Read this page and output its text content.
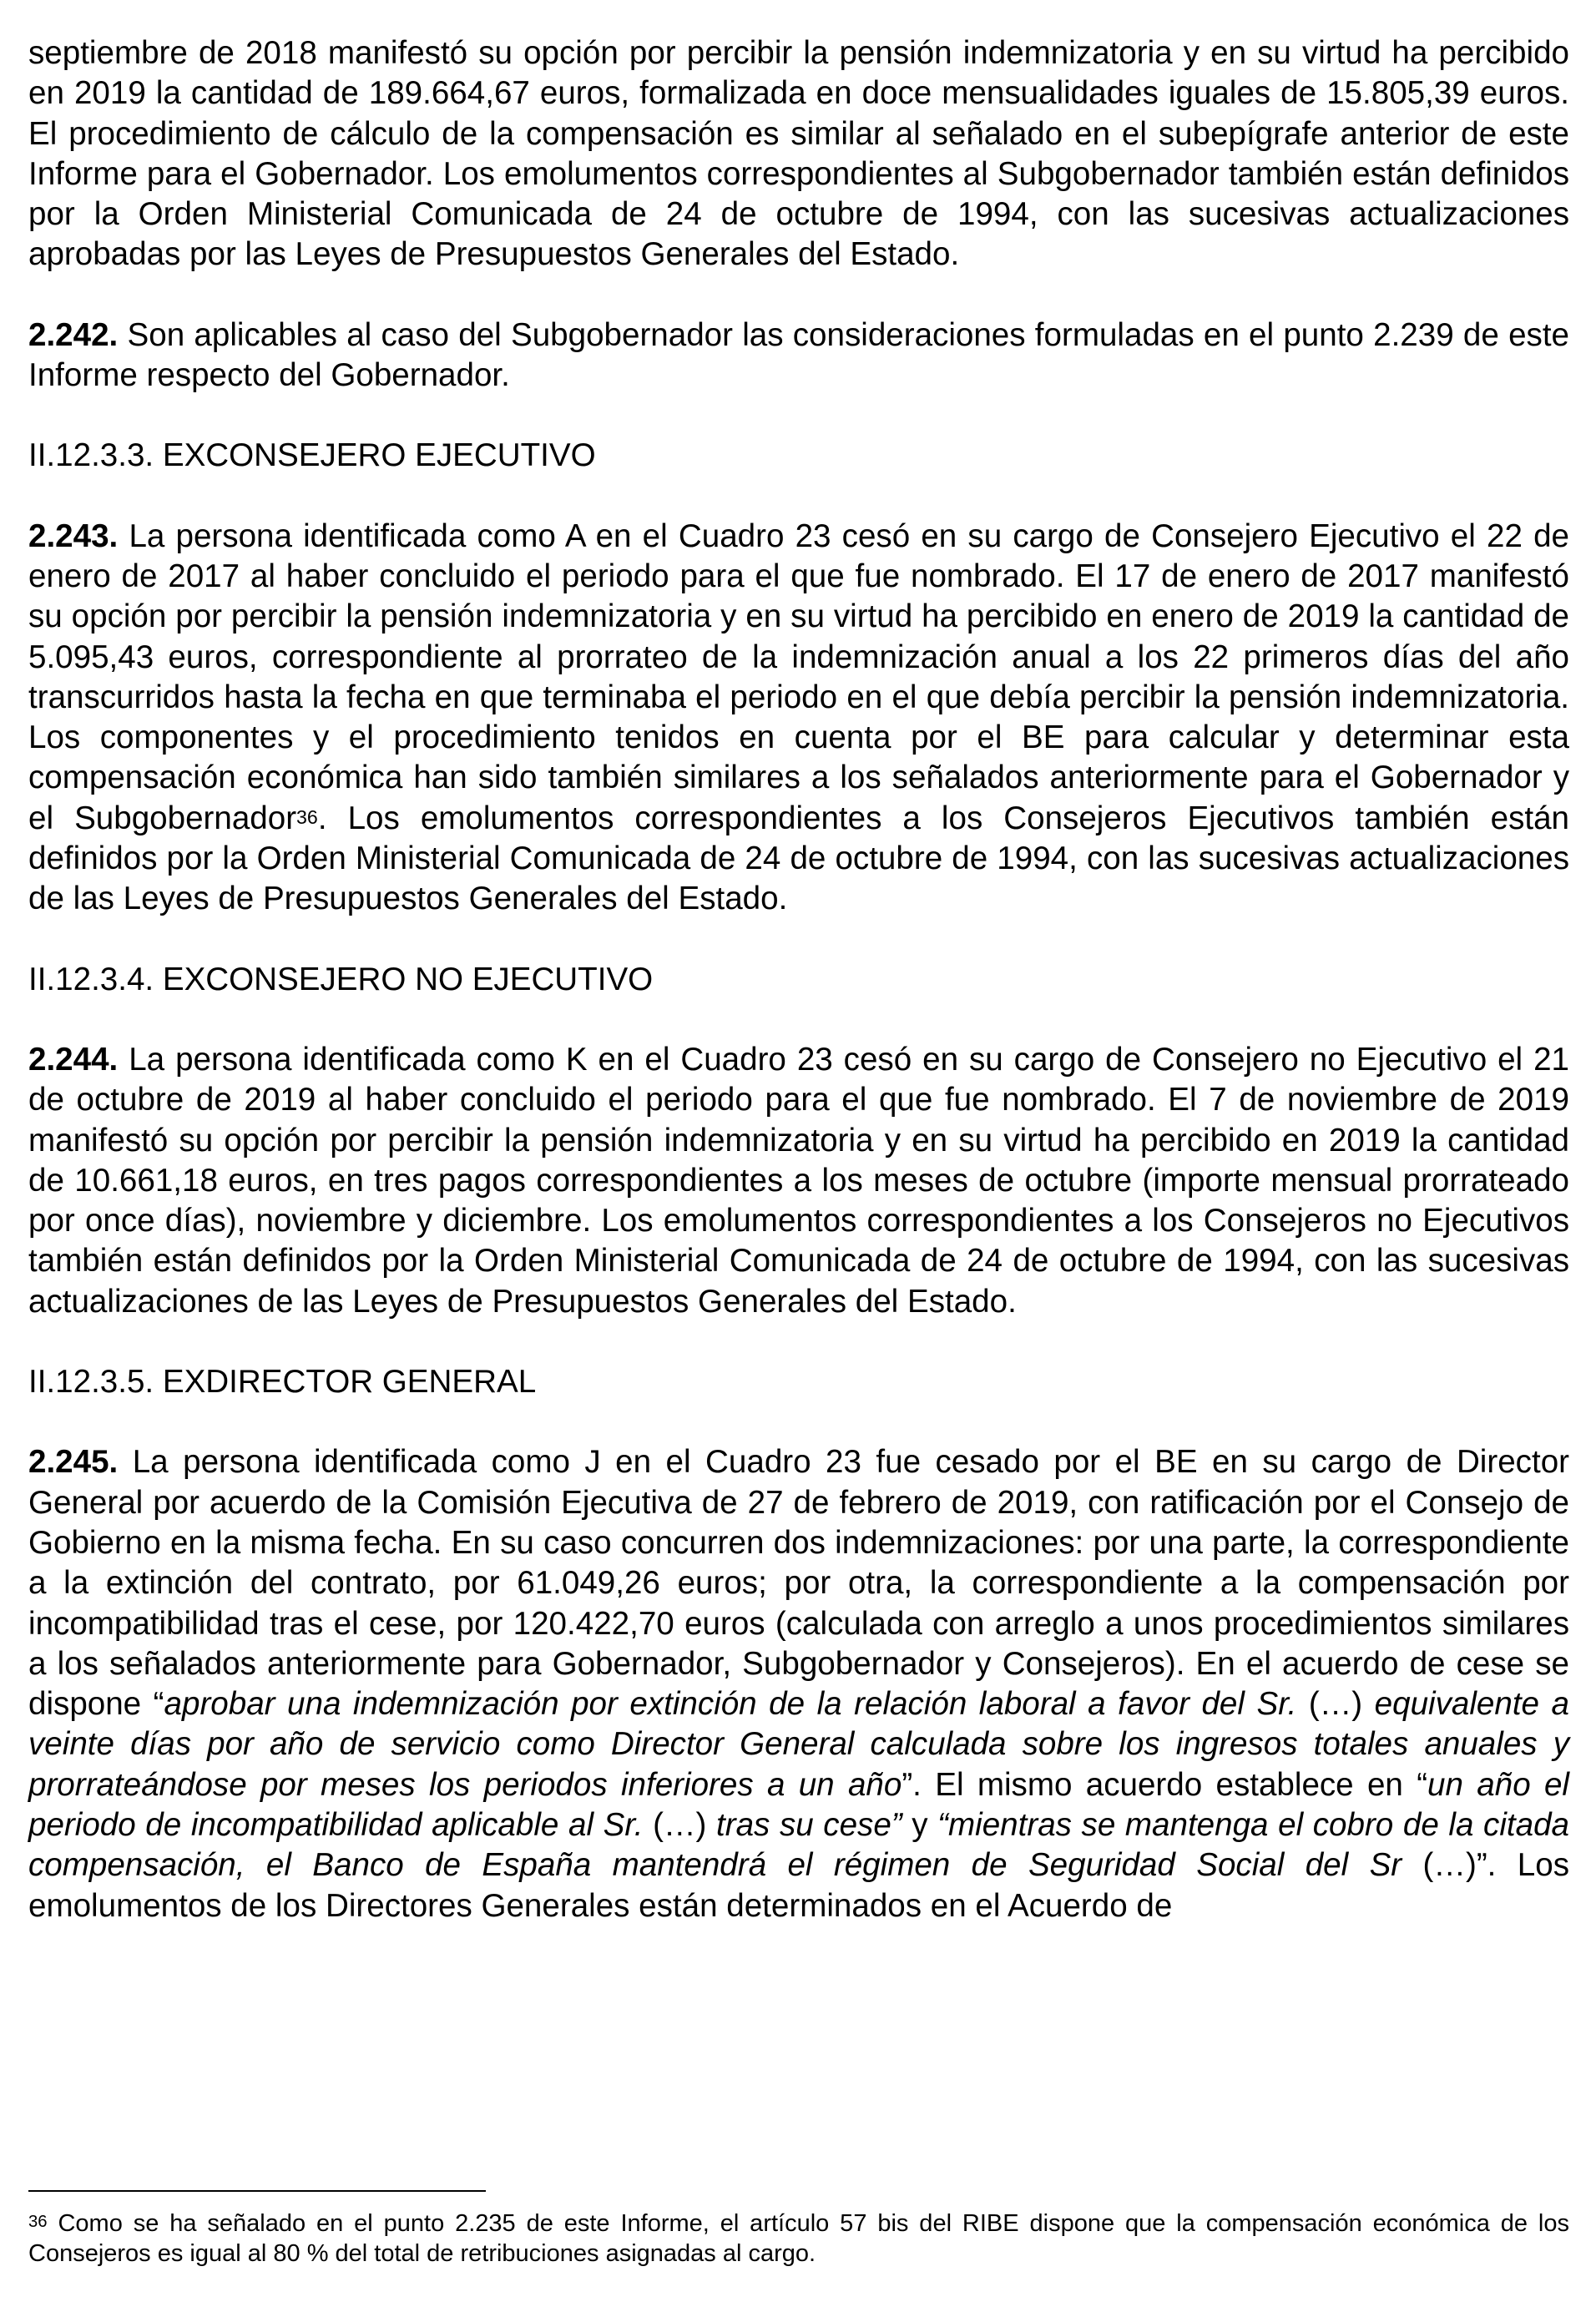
septiembre de 2018 manifestó su opción por percibir la pensión indemnizatoria y en su virtud ha percibido en 2019 la cantidad de 189.664,67 euros, formalizada en doce mensualidades iguales de 15.805,39 euros. El procedimiento de cálculo de la compensación es similar al señalado en el subepígrafe anterior de este Informe para el Gobernador. Los emolumentos correspondientes al Subgobernador también están definidos por la Orden Ministerial Comunicada de 24 de octubre de 1994, con las sucesivas actualizaciones aprobadas por las Leyes de Presupuestos Generales del Estado.

2.242. Son aplicables al caso del Subgobernador las consideraciones formuladas en el punto 2.239 de este Informe respecto del Gobernador.

II.12.3.3. EXCONSEJERO EJECUTIVO

2.243. La persona identificada como A en el Cuadro 23 cesó en su cargo de Consejero Ejecutivo el 22 de enero de 2017 al haber concluido el periodo para el que fue nombrado. El 17 de enero de 2017 manifestó su opción por percibir la pensión indemnizatoria y en su virtud ha percibido en enero de 2019 la cantidad de 5.095,43 euros, correspondiente al prorrateo de la indemnización anual a los 22 primeros días del año transcurridos hasta la fecha en que terminaba el periodo en el que debía percibir la pensión indemnizatoria. Los componentes y el procedimiento tenidos en cuenta por el BE para calcular y determinar esta compensación económica han sido también similares a los señalados anteriormente para el Gobernador y el Subgobernador$^{36}$. Los emolumentos correspondientes a los Consejeros Ejecutivos también están definidos por la Orden Ministerial Comunicada de 24 de octubre de 1994, con las sucesivas actualizaciones de las Leyes de Presupuestos Generales del Estado.

II.12.3.4. EXCONSEJERO NO EJECUTIVO

2.244. La persona identificada como K en el Cuadro 23 cesó en su cargo de Consejero no Ejecutivo el 21 de octubre de 2019 al haber concluido el periodo para el que fue nombrado. El 7 de noviembre de 2019 manifestó su opción por percibir la pensión indemnizatoria y en su virtud ha percibido en 2019 la cantidad de 10.661,18 euros, en tres pagos correspondientes a los meses de octubre (importe mensual prorrateado por once días), noviembre y diciembre. Los emolumentos correspondientes a los Consejeros no Ejecutivos también están definidos por la Orden Ministerial Comunicada de 24 de octubre de 1994, con las sucesivas actualizaciones de las Leyes de Presupuestos Generales del Estado.

II.12.3.5. EXDIRECTOR GENERAL

2.245. La persona identificada como J en el Cuadro 23 fue cesado por el BE en su cargo de Director General por acuerdo de la Comisión Ejecutiva de 27 de febrero de 2019, con ratificación por el Consejo de Gobierno en la misma fecha. En su caso concurren dos indemnizaciones: por una parte, la correspondiente a la extinción del contrato, por 61.049,26 euros; por otra, la correspondiente a la compensación por incompatibilidad tras el cese, por 120.422,70 euros (calculada con arreglo a unos procedimientos similares a los señalados anteriormente para Gobernador, Subgobernador y Consejeros). En el acuerdo de cese se dispone “aprobar una indemnización por extinción de la relación laboral a favor del Sr. (…) equivalente a veinte días por año de servicio como Director General calculada sobre los ingresos totales anuales y prorrateándose por meses los periodos inferiores a un año”. El mismo acuerdo establece en “un año el periodo de incompatibilidad aplicable al Sr. (…) tras su cese” y “mientras se mantenga el cobro de la citada compensación, el Banco de España mantendrá el régimen de Seguridad Social del Sr (…)”. Los emolumentos de los Directores Generales están determinados en el Acuerdo de

$^{36}$ Como se ha señalado en el punto 2.235 de este Informe, el artículo 57 bis del RIBE dispone que la compensación económica de los Consejeros es igual al 80 % del total de retribuciones asignadas al cargo.
